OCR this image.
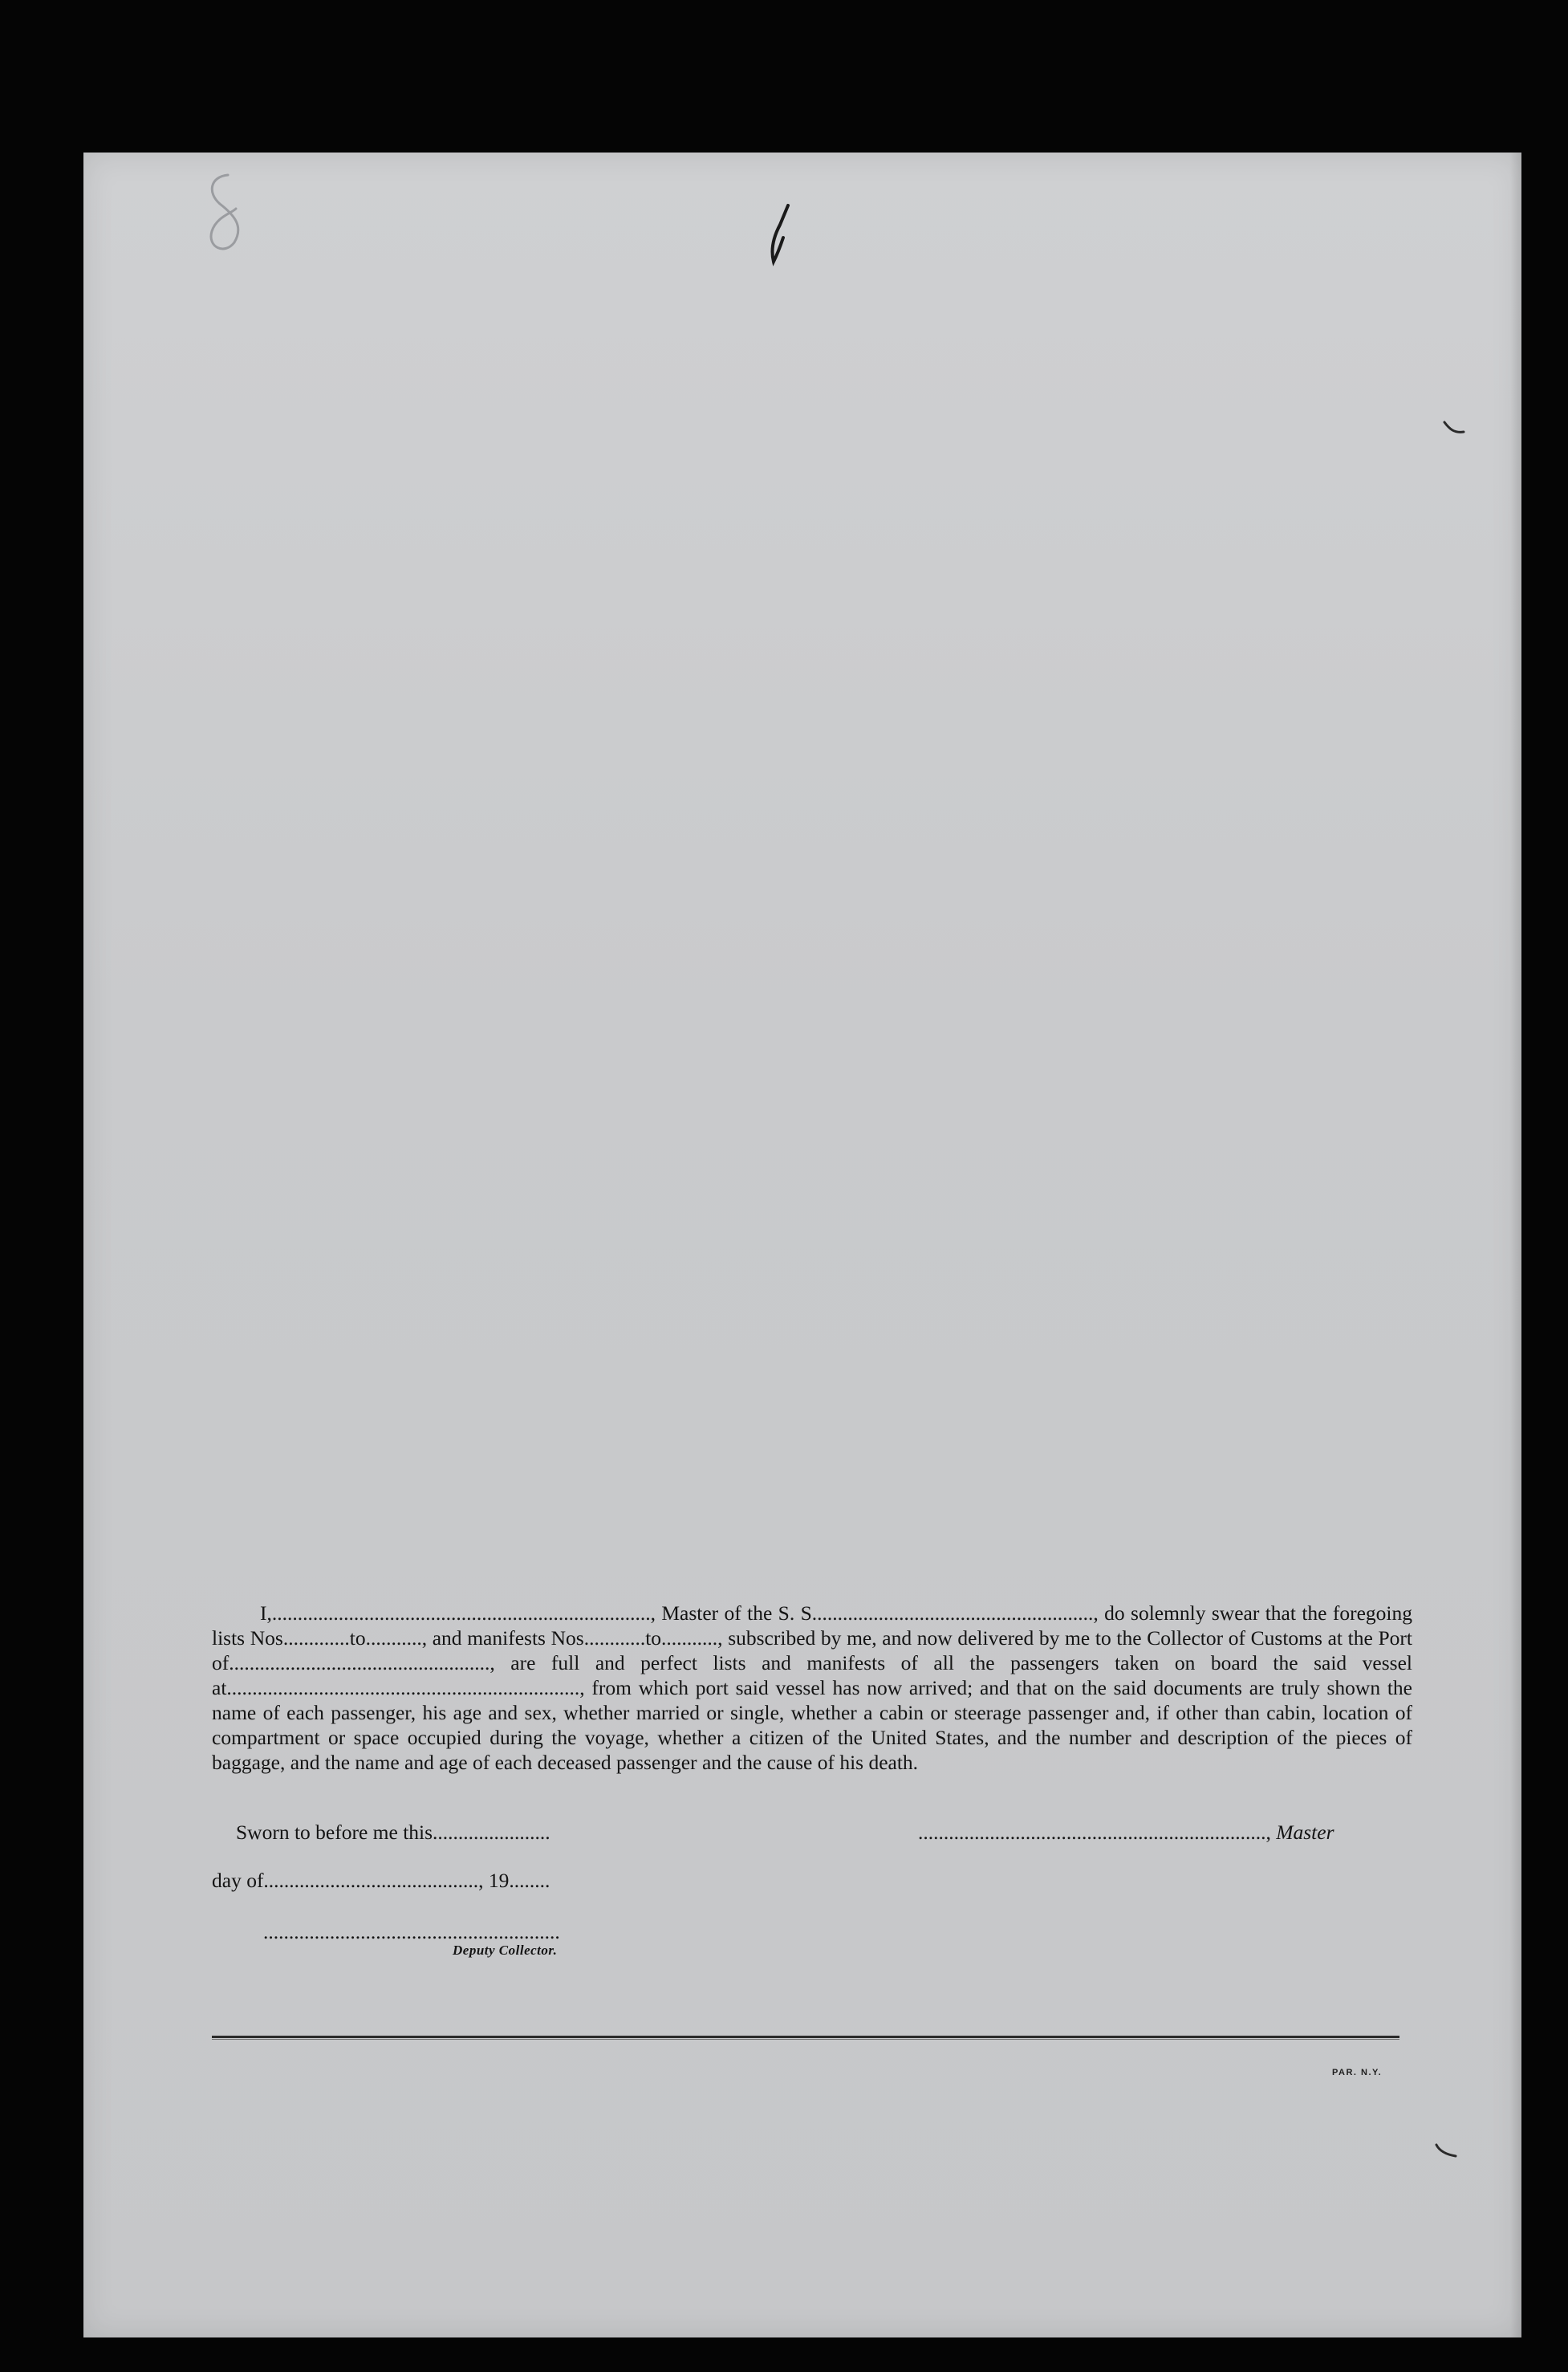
I,.........................................................................., Master of the S. S......................................................., do solemnly swear that the foregoing lists Nos.............to..........., and manifests Nos............to..........., subscribed by me, and now delivered by me to the Collector of Customs at the Port of..................................................., are full and perfect lists and manifests of all the passengers taken on board the said vessel at....................................................................., from which port said vessel has now arrived; and that on the said documents are truly shown the name of each passenger, his age and sex, whether married or single, whether a cabin or steerage passenger and, if other than cabin, location of compartment or space occupied during the voyage, whether a citizen of the United States, and the number and description of the pieces of baggage, and the name and age of each deceased passenger and the cause of his death.

Sworn to before me this.......................	...................................................................., Master
day of.........................................., 19........
..........................................................
Deputy Collector.
PAR. N.Y.
